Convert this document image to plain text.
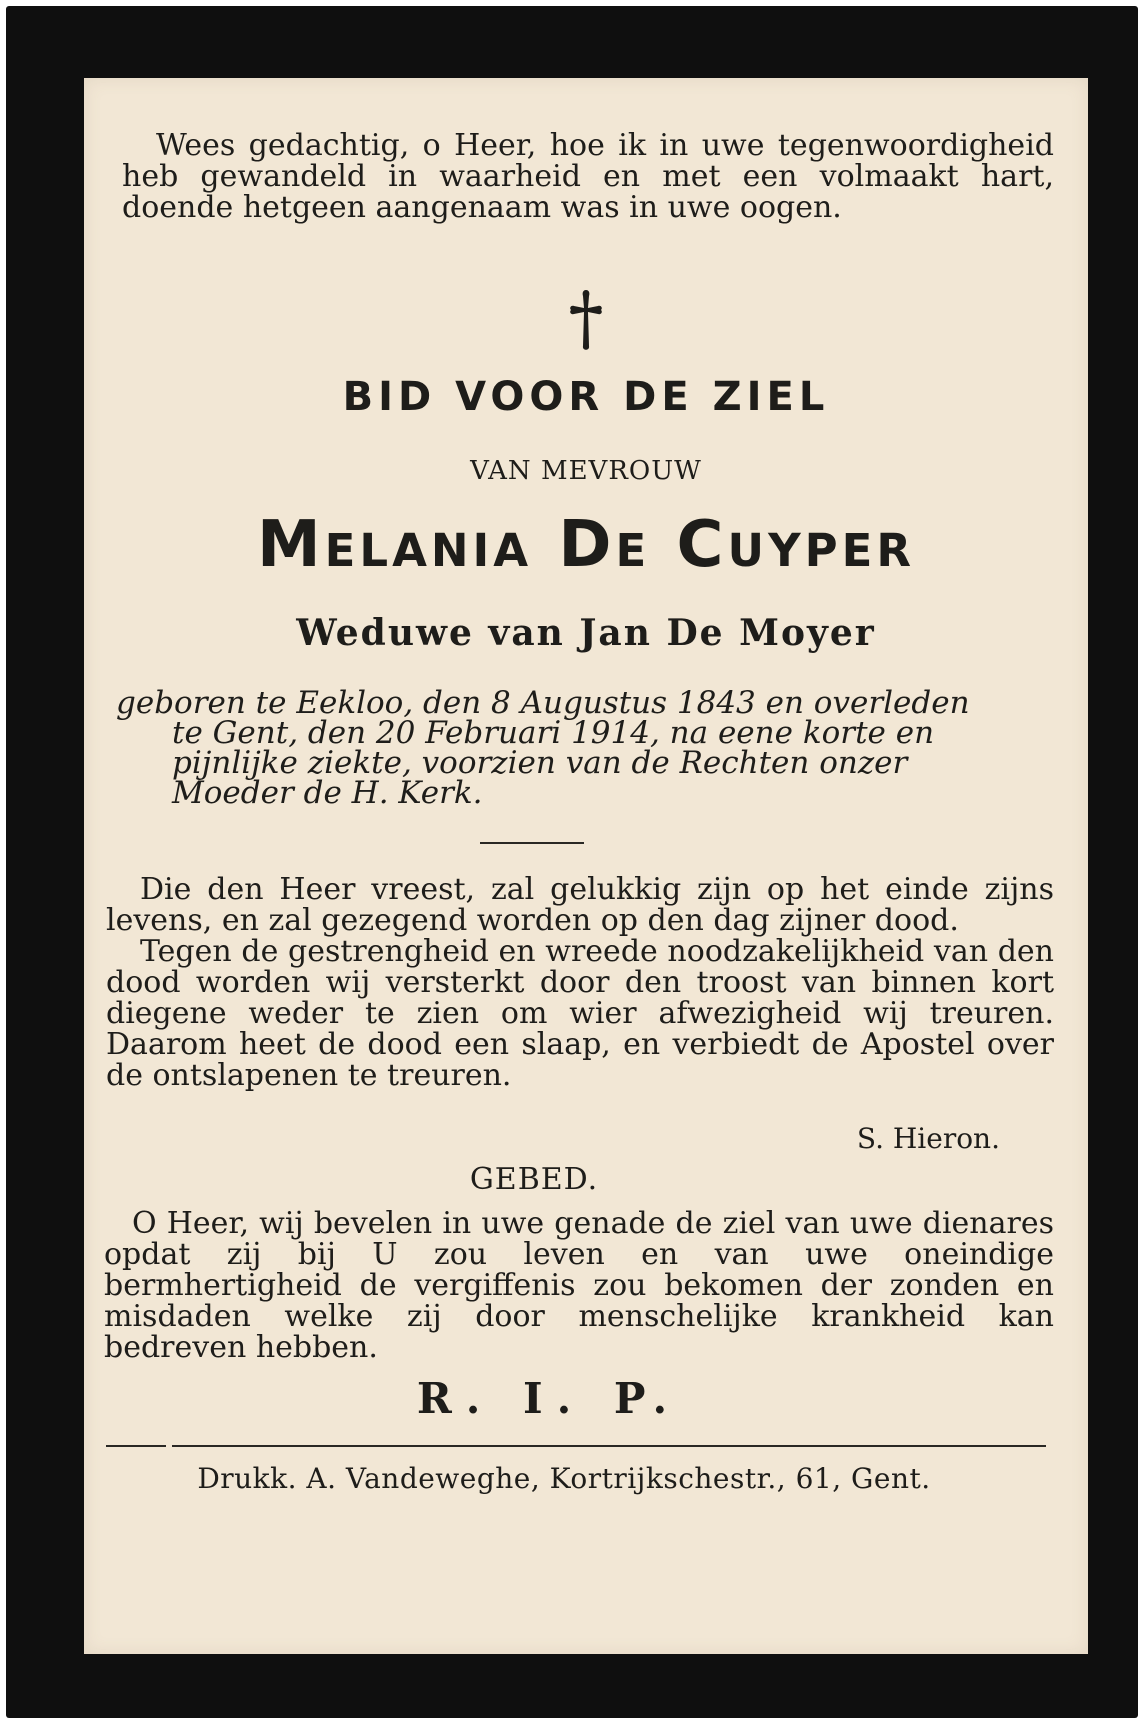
Wees gedachtig, o Heer, hoe ik in uwe tegenwoordigheid heb gewandeld in waarheid en met een volmaakt hart, doende hetgeen aangenaam was in uwe oogen.

BID VOOR DE ZIEL

VAN MEVROUW

Melania De Cuyper

Weduwe van Jan De Moyer

geboren te Eekloo, den 8 Augustus 1843 en overleden
te Gent, den 20 Februari 1914, na eene korte en
pijnlijke ziekte, voorzien van de Rechten onzer
Moeder de H. Kerk.

Die den Heer vreest, zal gelukkig zijn op het einde zijns levens, en zal gezegend worden op den dag zijner dood.
Tegen de gestrengheid en wreede noodzakelijkheid van den dood worden wij versterkt door den troost van binnen kort diegene weder te zien om wier afwezigheid wij treuren. Daarom heet de dood een slaap, en verbiedt de Apostel over de ontslapenen te treuren.

S. Hieron.

GEBED.

O Heer, wij bevelen in uwe genade de ziel van uwe dienares opdat zij bij U zou leven en van uwe oneindige bermhertigheid de vergiffenis zou bekomen der zonden en misdaden welke zij door menschelijke krankheid kan bedreven hebben.

R. I. P.

Drukk. A. Vandeweghe, Kortrijkschestr., 61, Gent.
